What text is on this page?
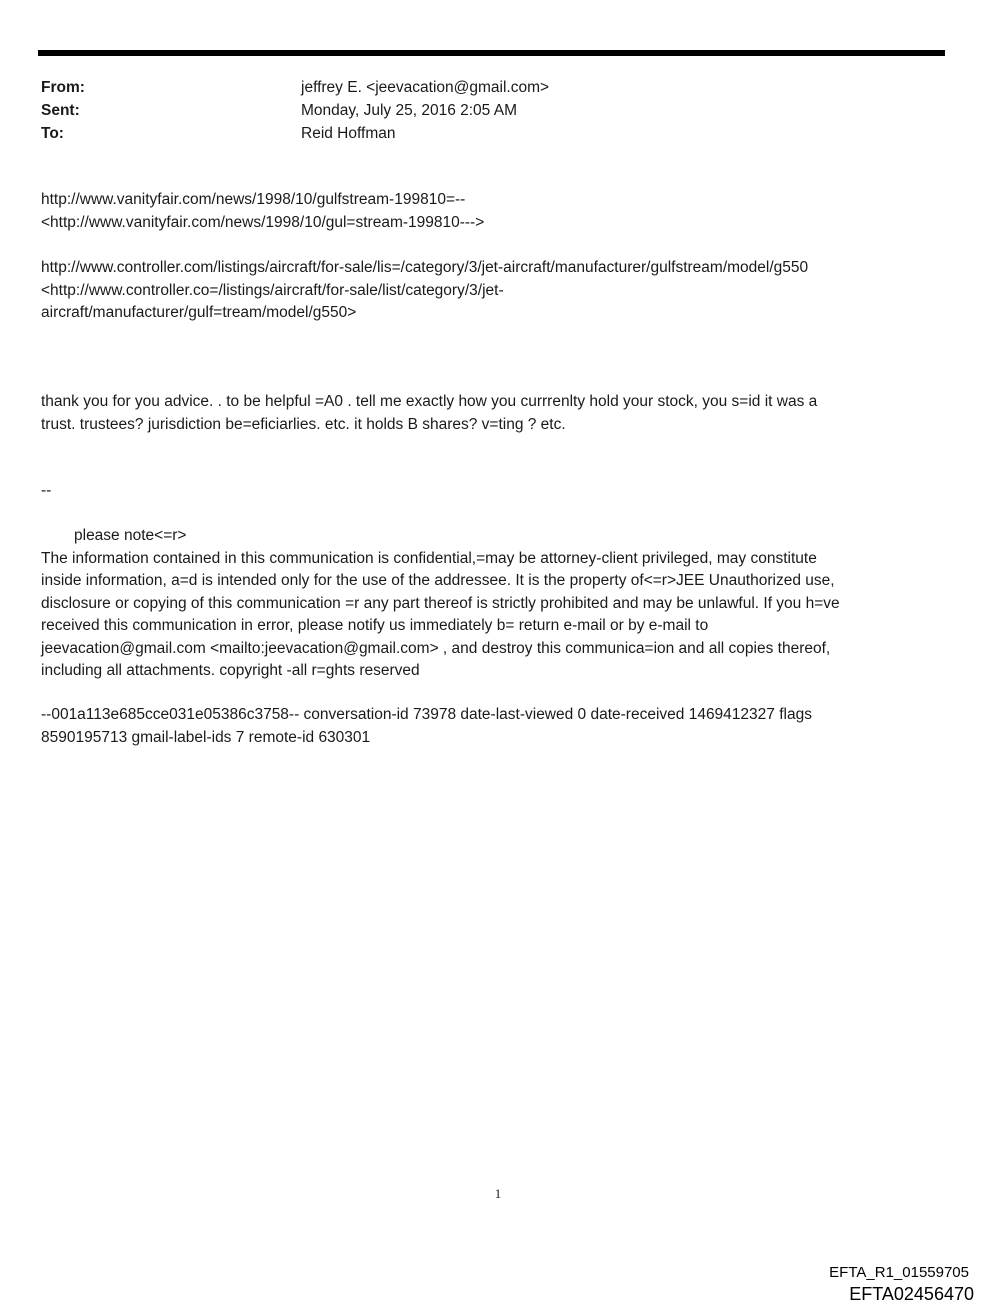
From:	jeffrey E. <jeevacation@gmail.com>
Sent:	Monday, July 25, 2016 2:05 AM
To:	Reid Hoffman
http://www.vanityfair.com/news/1998/10/gulfstream-199810=--
<http://www.vanityfair.com/news/1998/10/gul=stream-199810--->
http://www.controller.com/listings/aircraft/for-sale/lis=/category/3/jet-aircraft/manufacturer/gulfstream/model/g550
<http://www.controller.co=/listings/aircraft/for-sale/list/category/3/jet-
aircraft/manufacturer/gulf=tream/model/g550>
thank you for you advice. . to be helpful =A0 . tell me exactly how you currrenlty hold your stock, you s=id it was a
trust. trustees? jurisdiction be=eficiarlies. etc. it holds B shares? v=ting ? etc.
--
please note<=r>
The information contained in this communication is confidential,=may be attorney-client privileged, may constitute
inside information, a=d is intended only for the use of the addressee. It is the property of<=r>JEE Unauthorized use,
disclosure or copying of this communication =r any part thereof is strictly prohibited and may be unlawful. If you h=ve
received this communication in error, please notify us immediately b= return e-mail or by e-mail to
jeevacation@gmail.com <mailto:jeevacation@gmail.com> , and destroy this communica=ion and all copies thereof,
including all attachments. copyright -all r=ghts reserved
--001a113e685cce031e05386c3758-- conversation-id 73978 date-last-viewed 0 date-received 1469412327 flags
8590195713 gmail-label-ids 7 remote-id 630301
1
EFTA_R1_01559705
EFTA02456470
